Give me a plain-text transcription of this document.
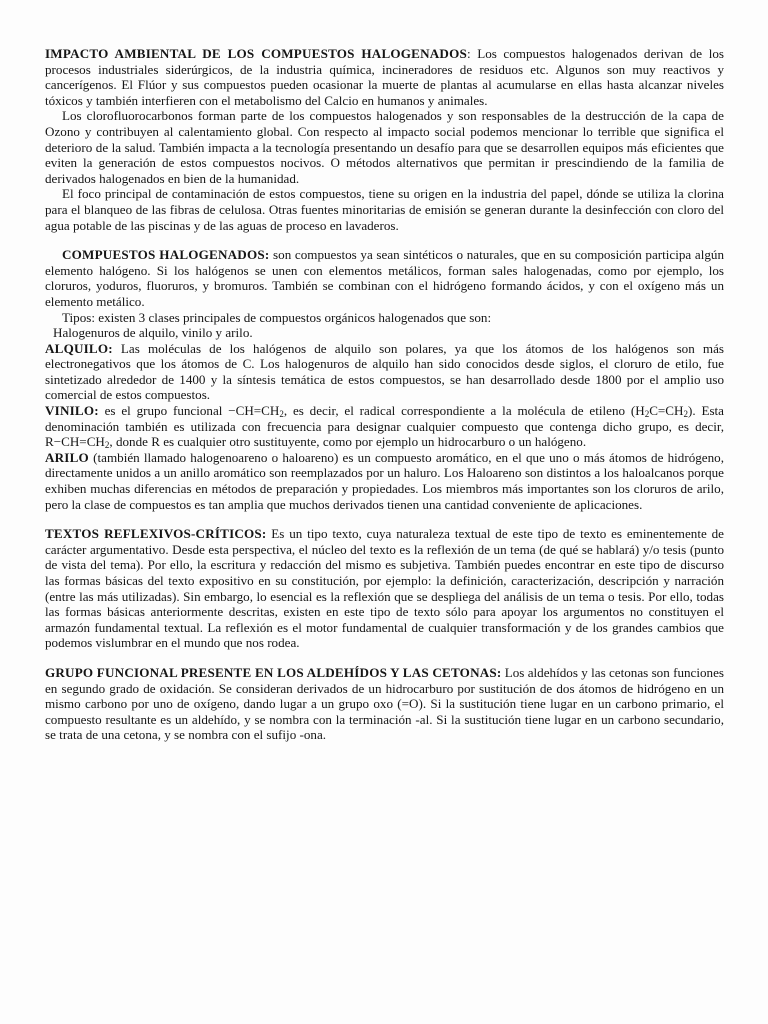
IMPACTO AMBIENTAL DE LOS COMPUESTOS HALOGENADOS: Los compuestos halogenados derivan de los procesos industriales siderúrgicos, de la industria química, incineradores de residuos etc. Algunos son muy reactivos y cancerígenos. El Flúor y sus compuestos pueden ocasionar la muerte de plantas al acumularse en ellas hasta alcanzar niveles tóxicos y también interfieren con el metabolismo del Calcio en humanos y animales.

Los clorofluorocarbonos forman parte de los compuestos halogenados y son responsables de la destrucción de la capa de Ozono y contribuyen al calentamiento global. Con respecto al impacto social podemos mencionar lo terrible que significa el deterioro de la salud. También impacta a la tecnología presentando un desafío para que se desarrollen equipos más eficientes que eviten la generación de estos compuestos nocivos. O métodos alternativos que permitan ir prescindiendo de la familia de derivados halogenados en bien de la humanidad.

El foco principal de contaminación de estos compuestos, tiene su origen en la industria del papel, dónde se utiliza la clorina para el blanqueo de las fibras de celulosa. Otras fuentes minoritarias de emisión se generan durante la desinfección con cloro del agua potable de las piscinas y de las aguas de proceso en lavaderos.

COMPUESTOS HALOGENADOS: son compuestos ya sean sintéticos o naturales, que en su composición participa algún elemento halógeno. Si los halógenos se unen con elementos metálicos, forman sales halogenadas, como por ejemplo, los cloruros, yoduros, fluoruros, y bromuros. También se combinan con el hidrógeno formando ácidos, y con el oxígeno más un elemento metálico.

Tipos: existen 3 clases principales de compuestos orgánicos halogenados que son:

Halogenuros de alquilo, vinilo y arilo.

ALQUILO: Las moléculas de los halógenos de alquilo son polares, ya que los átomos de los halógenos son más electronegativos que los átomos de C. Los halogenuros de alquilo han sido conocidos desde siglos, el cloruro de etilo, fue sintetizado alrededor de 1400 y la síntesis temática de estos compuestos, se han desarrollado desde 1800 por el amplio uso comercial de estos compuestos.

VINILO: es el grupo funcional $-CH=CH_2$, es decir, el radical correspondiente a la molécula de etileno $(H_2C=CH_2)$. Esta denominación también es utilizada con frecuencia para designar cualquier compuesto que contenga dicho grupo, es decir, $R-CH=CH_2$, donde R es cualquier otro sustituyente, como por ejemplo un hidrocarburo o un halógeno.

ARILO (también llamado halogenoareno o haloareno) es un compuesto aromático, en el que uno o más átomos de hidrógeno, directamente unidos a un anillo aromático son reemplazados por un haluro. Los Haloareno son distintos a los haloalcanos porque exhiben muchas diferencias en métodos de preparación y propiedades. Los miembros más importantes son los cloruros de arilo, pero la clase de compuestos es tan amplia que muchos derivados tienen una cantidad conveniente de aplicaciones.

TEXTOS REFLEXIVOS-CRÍTICOS: Es un tipo texto, cuya naturaleza textual de este tipo de texto es eminentemente de carácter argumentativo. Desde esta perspectiva, el núcleo del texto es la reflexión de un tema (de qué se hablará) y/o tesis (punto de vista del tema). Por ello, la escritura y redacción del mismo es subjetiva. También puedes encontrar en este tipo de discurso las formas básicas del texto expositivo en su constitución, por ejemplo: la definición, caracterización, descripción y narración (entre las más utilizadas). Sin embargo, lo esencial es la reflexión que se despliega del análisis de un tema o tesis. Por ello, todas las formas básicas anteriormente descritas, existen en este tipo de texto sólo para apoyar los argumentos no constituyen el armazón fundamental textual. La reflexión es el motor fundamental de cualquier transformación y de los grandes cambios que podemos vislumbrar en el mundo que nos rodea.

GRUPO FUNCIONAL PRESENTE EN LOS ALDEHÍDOS Y LAS CETONAS: Los aldehídos y las cetonas son funciones en segundo grado de oxidación. Se consideran derivados de un hidrocarburo por sustitución de dos átomos de hidrógeno en un mismo carbono por uno de oxígeno, dando lugar a un grupo oxo (=O). Si la sustitución tiene lugar en un carbono primario, el compuesto resultante es un aldehído, y se nombra con la terminación -al. Si la sustitución tiene lugar en un carbono secundario, se trata de una cetona, y se nombra con el sufijo -ona.
